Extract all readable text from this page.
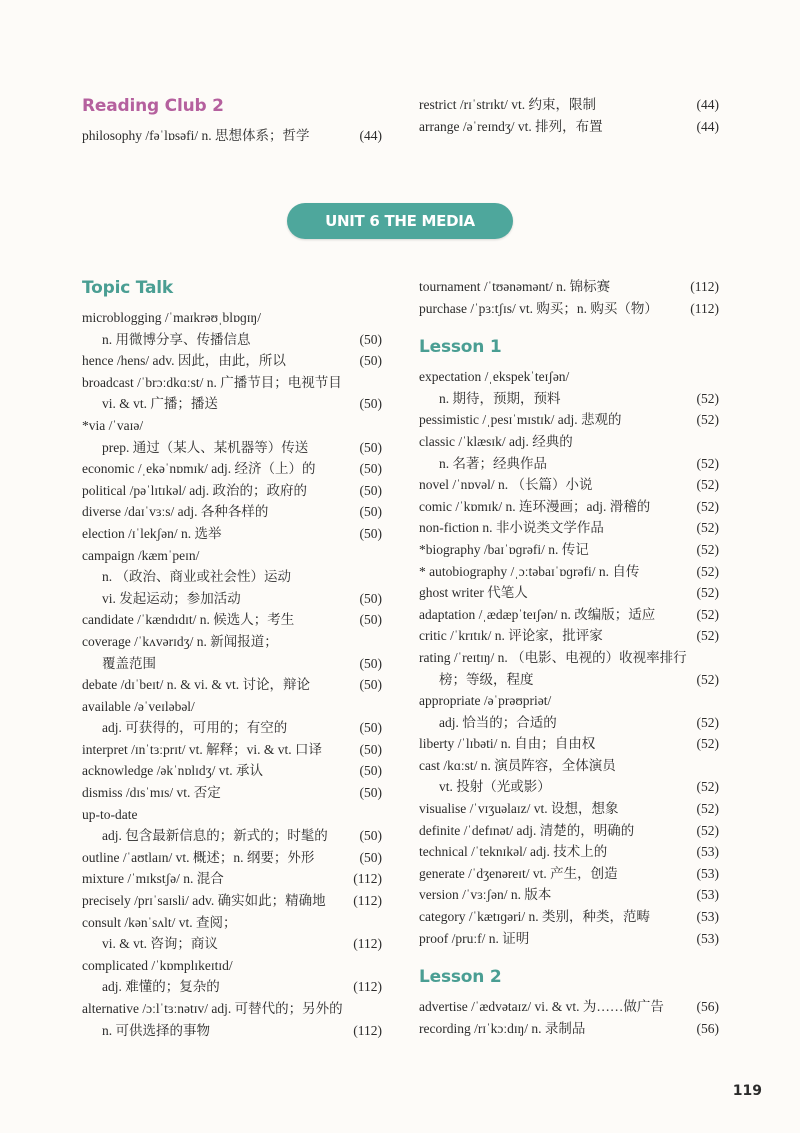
Reading Club 2
philosophy /fəˈlɒsəfi/ n. 思想体系；哲学	(44)
restrict /rɪˈstrɪkt/ vt. 约束，限制	(44)
arrange /əˈreɪndʒ/ vt. 排列，布置	(44)
UNIT 6 THE MEDIA
Topic Talk
microblogging /ˈmaɪkrəʊˌblɒɡɪŋ/
n. 用微博分享、传播信息	(50)
hence /hens/ adv. 因此，由此，所以	(50)
broadcast /ˈbrɔːdkɑːst/ n. 广播节目；电视节目
vi. & vt. 广播；播送	(50)
*via /ˈvaɪə/
prep. 通过（某人、某机器等）传送	(50)
economic /ˌekəˈnɒmɪk/ adj. 经济（上）的	(50)
political /pəˈlɪtɪkəl/ adj. 政治的；政府的	(50)
diverse /daɪˈvɜːs/ adj. 各种各样的	(50)
election /ɪˈlekʃən/ n. 选举	(50)
campaign /kæmˈpeɪn/
n. （政治、商业或社会性）运动
vi. 发起运动；参加活动	(50)
candidate /ˈkændɪdɪt/ n. 候选人；考生	(50)
coverage /ˈkʌvərɪdʒ/ n. 新闻报道；
覆盖范围	(50)
debate /dɪˈbeɪt/ n. & vi. & vt. 讨论，辩论	(50)
available /əˈveɪləbəl/
adj. 可获得的，可用的；有空的	(50)
interpret /ɪnˈtɜːprɪt/ vt. 解释；vi. & vt. 口译	(50)
acknowledge /əkˈnɒlɪdʒ/ vt. 承认	(50)
dismiss /dɪsˈmɪs/ vt. 否定	(50)
up-to-date
adj. 包含最新信息的；新式的；时髦的 (50)
outline /ˈaʊtlaɪn/ vt. 概述；n. 纲要；外形	(50)
mixture /ˈmɪkstʃə/ n. 混合	(112)
precisely /prɪˈsaɪsli/ adv. 确实如此；精确地 (112)
consult /kənˈsʌlt/ vt. 查阅；
vi. & vt. 咨询；商议	(112)
complicated /ˈkɒmplɪkeɪtɪd/
adj. 难懂的；复杂的	(112)
alternative /ɔːlˈtɜːnətɪv/ adj. 可替代的；另外的
n. 可供选择的事物	(112)
tournament /ˈtʊənəmənt/ n. 锦标赛	(112)
purchase /ˈpɜːtʃɪs/ vt. 购买；n. 购买（物） (112)
Lesson 1
expectation /ˌekspekˈteɪʃən/
n. 期待，预期，预料	(52)
pessimistic /ˌpesɪˈmɪstɪk/ adj. 悲观的	(52)
classic /ˈklæsɪk/ adj. 经典的
n. 名著；经典作品	(52)
novel /ˈnɒvəl/ n. （长篇）小说	(52)
comic /ˈkɒmɪk/ n. 连环漫画；adj. 滑稽的	(52)
non-fiction n. 非小说类文学作品	(52)
*biography /baɪˈɒɡrəfi/ n. 传记	(52)
* autobiography /ˌɔːtəbaɪˈɒɡrəfi/ n. 自传	(52)
ghost writer 代笔人	(52)
adaptation /ˌædæpˈteɪʃən/ n. 改编版；适应	(52)
critic /ˈkrɪtɪk/ n. 评论家，批评家	(52)
rating /ˈreɪtɪŋ/ n. （电影、电视的）收视率排行
榜；等级，程度	(52)
appropriate /əˈprəʊpriət/
adj. 恰当的；合适的	(52)
liberty /ˈlɪbəti/ n. 自由；自由权	(52)
cast /kɑːst/ n. 演员阵容，全体演员
vt. 投射（光或影）	(52)
visualise /ˈvɪʒuəlaɪz/ vt. 设想，想象	(52)
definite /ˈdefɪnət/ adj. 清楚的，明确的	(52)
technical /ˈteknɪkəl/ adj. 技术上的	(53)
generate /ˈdʒenəreɪt/ vt. 产生，创造	(53)
version /ˈvɜːʃən/ n. 版本	(53)
category /ˈkætɪɡəri/ n. 类别，种类，范畴	(53)
proof /pruːf/ n. 证明	(53)
Lesson 2
advertise /ˈædvətaɪz/ vi. & vt. 为……做广告 (56)
recording /rɪˈkɔːdɪŋ/ n. 录制品	(56)
119
